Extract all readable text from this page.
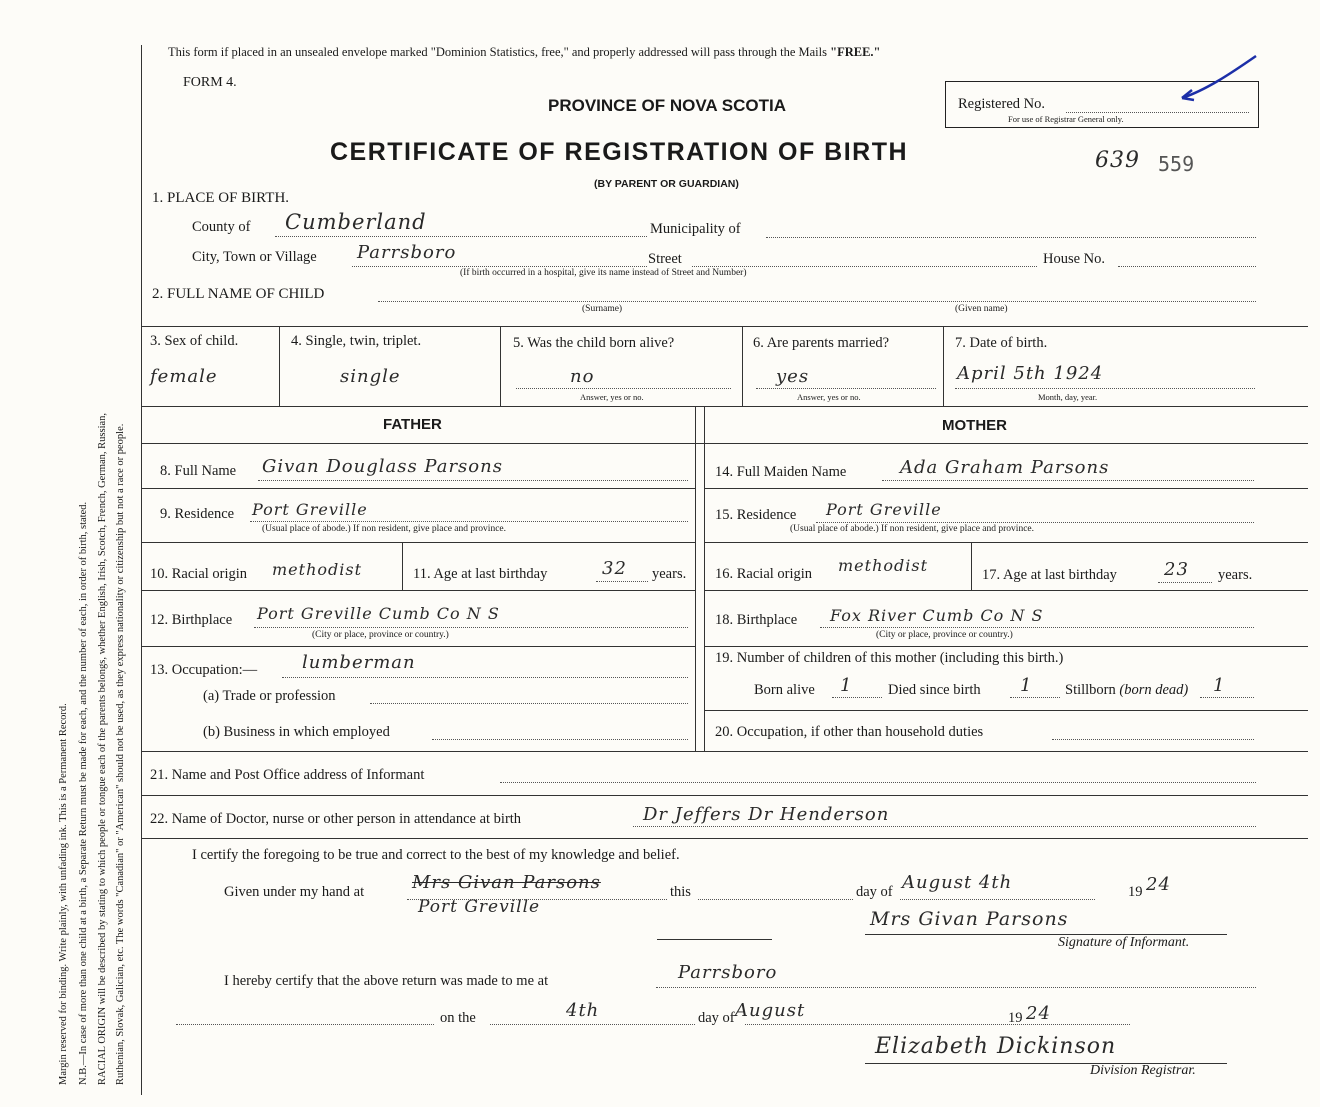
Margin reserved for binding. Write plainly, with unfading ink. This is a Permanent Record. N.B.—In case of more than one child at a birth, a Separate Return must be made for each, and the number of each, in order of birth, stated. RACIAL ORIGIN will be described by stating to which people or tongue each of the parents belongs, whether English, Irish, Scotch, French, German, Russian, Ruthenian, Slovak, Galician, etc. The words "Canadian" or "American" should not be used, as they express nationality or citizenship but not a race or people.
This form if placed in an unsealed envelope marked "Dominion Statistics, free," and properly addressed will pass through the Mails "FREE."
FORM 4.
PROVINCE OF NOVA SCOTIA
CERTIFICATE OF REGISTRATION OF BIRTH
(BY PARENT OR GUARDIAN)
Registered No.
For use of Registrar General only.
639 559
1. PLACE OF BIRTH.
County of Cumberland	Municipality of
City, Town or Village Parrsboro	Street	House No.
(If birth occurred in a hospital, give its name instead of Street and Number)
2. FULL NAME OF CHILD
(Surname)	(Given name)
3. Sex of child.
female
4. Single, twin, triplet.
single
5. Was the child born alive?
no
Answer, yes or no.
6. Are parents married?
yes
Answer, yes or no.
7. Date of birth.
April 5th 1924
Month, day, year.
FATHER	MOTHER
8. Full Name Givan Douglass Parsons
9. Residence Port Greville
(Usual place of abode.) If non resident, give place and province.
10. Racial origin methodist	11. Age at last birthday	32 years.
12. Birthplace Port Greville Cumb Co N S
(City or place, province or country.)
13. Occupation:— lumberman
(a) Trade or profession
(b) Business in which employed
14. Full Maiden Name	Ada Graham Parsons
15. Residence Port Greville
(Usual place of abode.) If non resident, give place and province.
16. Racial origin methodist	17. Age at last birthday	23 years.
18. Birthplace Fox River Cumb Co N S
(City or place, province or country.)
19. Number of children of this mother (including this birth.)
Born alive 1 Died since birth 1 Stillborn (born dead) 1
20. Occupation, if other than household duties
21. Name and Post Office address of Informant
22. Name of Doctor, nurse or other person in attendance at birth	Dr Jeffers Dr Henderson
I certify the foregoing to be true and correct to the best of my knowledge and belief.
Given under my hand at	Mrs Givan Parsons	this	day of August 4th	19 24
Port Greville
Mrs Givan Parsons
Signature of Informant.
I hereby certify that the above return was made to me at	Parrsboro
on the	4th	day of August	19 24
Elizabeth Dickinson
Division Registrar.
